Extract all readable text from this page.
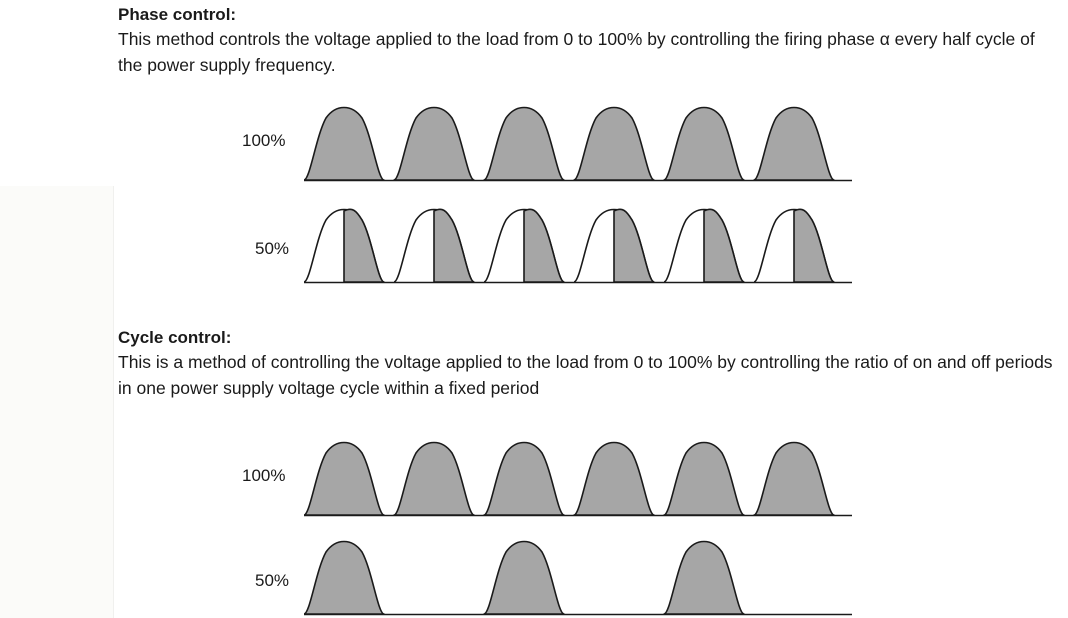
Phase control:

This method controls the voltage applied to the load from 0 to 100% by controlling the firing phase α every half cycle of the power supply frequency.

100%
50%

Cycle control:

This is a method of controlling the voltage applied to the load from 0 to 100% by controlling the ratio of on and off periods in one power supply voltage cycle within a fixed period

100%
50%
